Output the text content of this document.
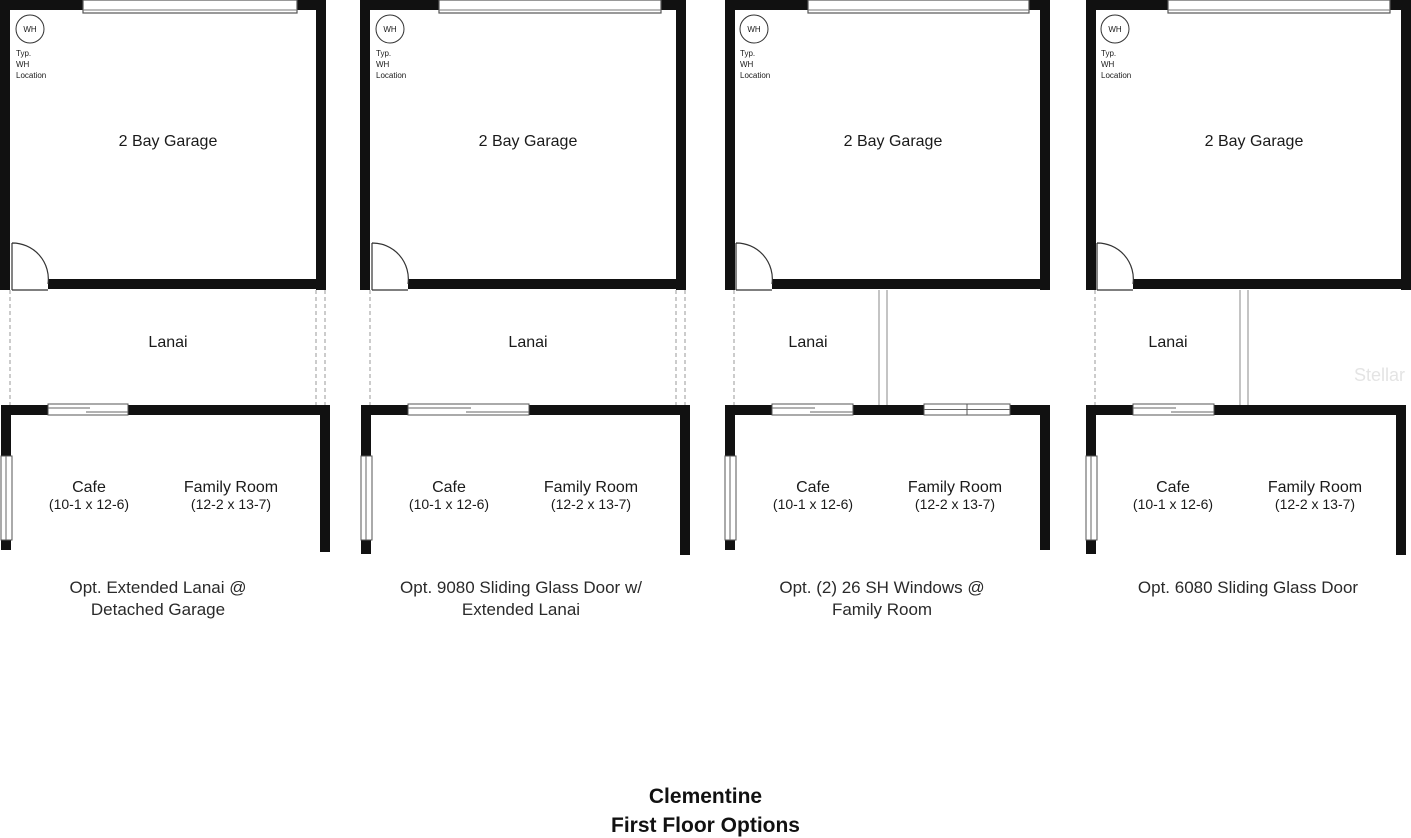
WH
Typ.
WH
Location
2 Bay Garage
Lanai
Cafe
(10-1 x 12-6)
Family Room
(12-2 x 13-7)
Opt. Extended Lanai @
Detached Garage
WH
Typ.
WH
Location
2 Bay Garage
Lanai
Cafe
(10-1 x 12-6)
Family Room
(12-2 x 13-7)
Opt. 9080 Sliding Glass Door w/
Extended Lanai
WH
Typ.
WH
Location
2 Bay Garage
Lanai
Cafe
(10-1 x 12-6)
Family Room
(12-2 x 13-7)
Opt. (2) 26 SH Windows @
Family Room
WH
Typ.
WH
Location
2 Bay Garage
Lanai
Cafe
(10-1 x 12-6)
Family Room
(12-2 x 13-7)
Opt. 6080 Sliding Glass Door
Stellar
Clementine
First Floor Options
